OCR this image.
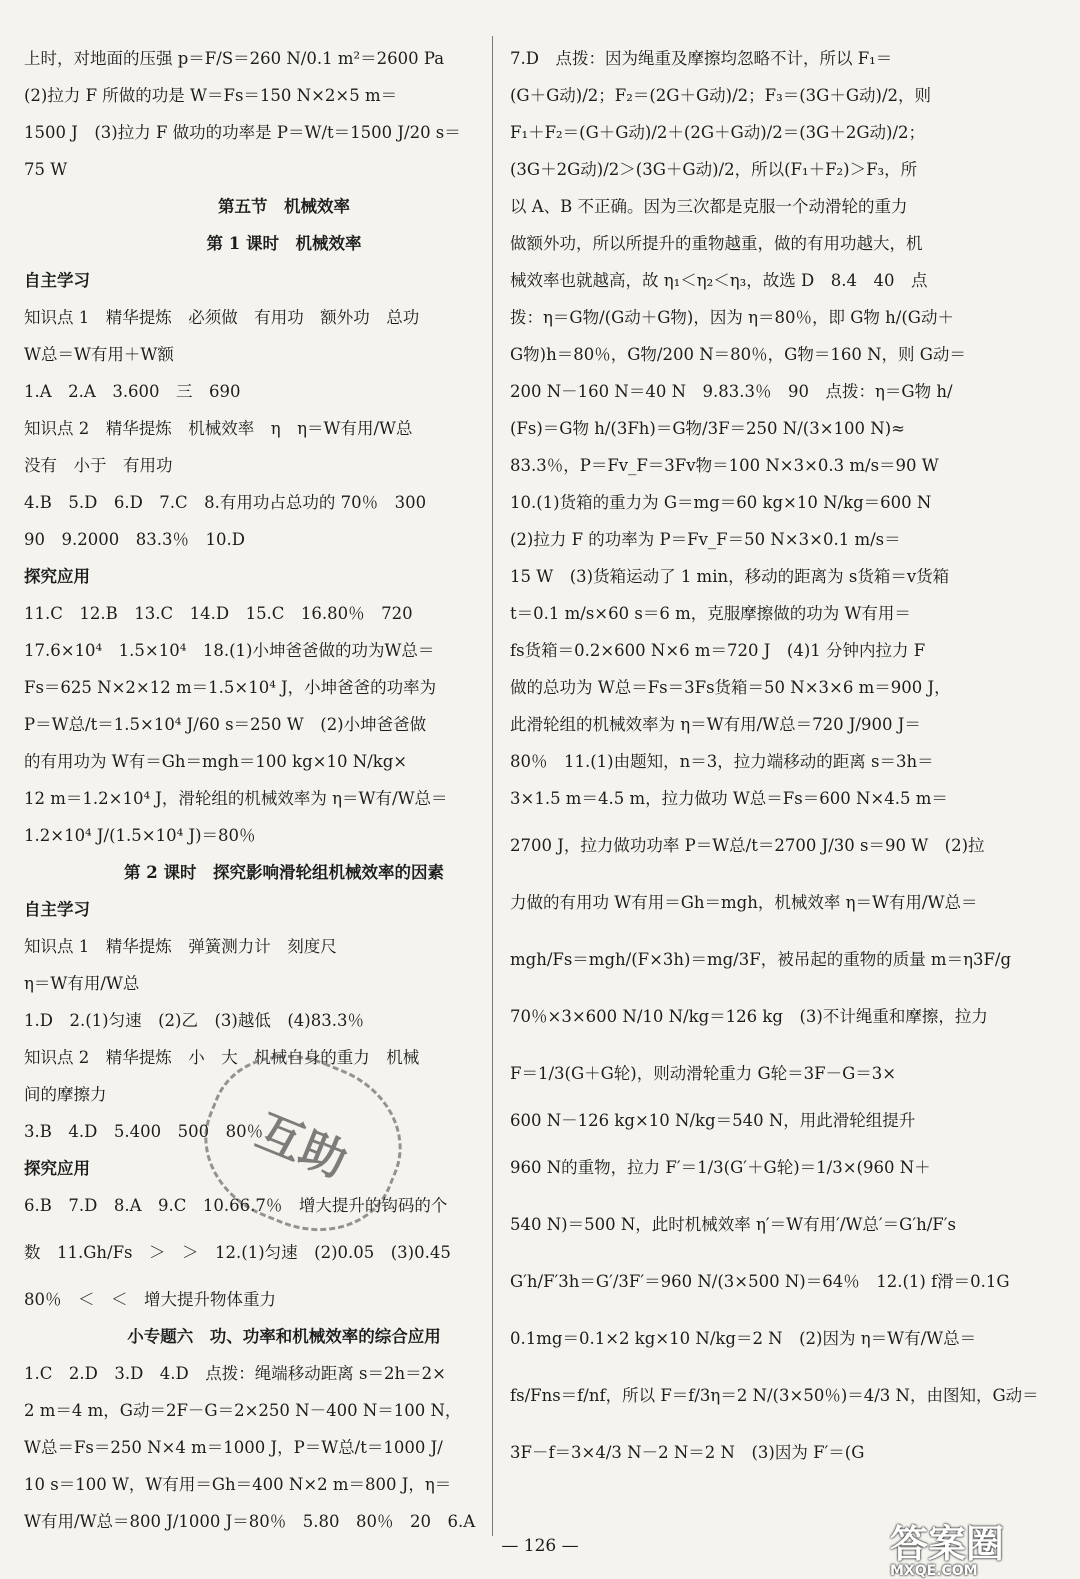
上时，对地面的压强 p＝F/S＝260 N/0.1 m²＝2600 Pa
(2)拉力 F 所做的功是 W＝Fs＝150 N×2×5 m＝
1500 J　(3)拉力 F 做功的功率是 P＝W/t＝1500 J/20 s＝
75 W
第五节　机械效率
第 1 课时　机械效率
自主学习
知识点 1　精华提炼　必须做　有用功　额外功　总功
W总＝W有用＋W额
1.A　2.A　3.600　三　690
知识点 2　精华提炼　机械效率　η　η＝W有用/W总
没有　小于　有用功
4.B　5.D　6.D　7.C　8.有用功占总功的 70％　300
90　9.2000　83.3％　10.D
探究应用
11.C　12.B　13.C　14.D　15.C　16.80％　720
17.6×10⁴　1.5×10⁴　18.(1)小坤爸爸做的功为W总＝
Fs＝625 N×2×12 m＝1.5×10⁴ J，小坤爸爸的功率为
P＝W总/t＝1.5×10⁴ J/60 s＝250 W　(2)小坤爸爸做
的有用功为 W有＝Gh＝mgh＝100 kg×10 N/kg×
12 m＝1.2×10⁴ J，滑轮组的机械效率为 η＝W有/W总＝
1.2×10⁴ J/(1.5×10⁴ J)＝80％
第 2 课时　探究影响滑轮组机械效率的因素
自主学习
知识点 1　精华提炼　弹簧测力计　刻度尺
η＝W有用/W总
1.D　2.(1)匀速　(2)乙　(3)越低　(4)83.3％
知识点 2　精华提炼　小　大　机械自身的重力　机械
间的摩擦力
3.B　4.D　5.400　500　80％
探究应用
6.B　7.D　8.A　9.C　10.66.7％　增大提升的钩码的个
数　11.Gh/Fs　＞　＞　12.(1)匀速　(2)0.05　(3)0.45
80％　＜　＜　增大提升物体重力
小专题六　功、功率和机械效率的综合应用
1.C　2.D　3.D　4.D　点拨：绳端移动距离 s＝2h＝2×
2 m＝4 m，G动＝2F－G＝2×250 N－400 N＝100 N，
W总＝Fs＝250 N×4 m＝1000 J，P＝W总/t＝1000 J/
10 s＝100 W，W有用＝Gh＝400 N×2 m＝800 J，η＝
W有用/W总＝800 J/1000 J＝80％　5.80　80％　20　6.A
7.D　点拨：因为绳重及摩擦均忽略不计，所以 F₁＝
(G＋G动)/2；F₂＝(2G＋G动)/2；F₃＝(3G＋G动)/2，则
F₁＋F₂＝(G＋G动)/2＋(2G＋G动)/2＝(3G＋2G动)/2；
(3G＋2G动)/2＞(3G＋G动)/2，所以(F₁＋F₂)＞F₃，所
以 A、B 不正确。因为三次都是克服一个动滑轮的重力
做额外功，所以所提升的重物越重，做的有用功越大，机
械效率也就越高，故 η₁＜η₂＜η₃，故选 D　8.4　40　点
拨：η＝G物/(G动＋G物)，因为 η＝80％，即 G物 h/(G动＋
G物)h＝80％，G物/200 N＝80％，G物＝160 N，则 G动＝
200 N－160 N＝40 N　9.83.3％　90　点拨：η＝G物 h/
(Fs)＝G物 h/(3Fh)＝G物/3F＝250 N/(3×100 N)≈
83.3％，P＝Fv_F＝3Fv物＝100 N×3×0.3 m/s＝90 W
10.(1)货箱的重力为 G＝mg＝60 kg×10 N/kg＝600 N
(2)拉力 F 的功率为 P＝Fv_F＝50 N×3×0.1 m/s＝
15 W　(3)货箱运动了 1 min，移动的距离为 s货箱＝v货箱
t＝0.1 m/s×60 s＝6 m，克服摩擦做的功为 W有用＝
fs货箱＝0.2×600 N×6 m＝720 J　(4)1 分钟内拉力 F
做的总功为 W总＝Fs＝3Fs货箱＝50 N×3×6 m＝900 J，
此滑轮组的机械效率为 η＝W有用/W总＝720 J/900 J＝
80％　11.(1)由题知，n＝3，拉力端移动的距离 s＝3h＝
3×1.5 m＝4.5 m，拉力做功 W总＝Fs＝600 N×4.5 m＝
2700 J，拉力做功功率 P＝W总/t＝2700 J/30 s＝90 W　(2)拉
力做的有用功 W有用＝Gh＝mgh，机械效率 η＝W有用/W总＝
mgh/Fs＝mgh/(F×3h)＝mg/3F，被吊起的重物的质量 m＝η3F/g
70％×3×600 N/10 N/kg＝126 kg　(3)不计绳重和摩擦，拉力
F＝1/3(G＋G轮)，则动滑轮重力 G轮＝3F－G＝3×
600 N－126 kg×10 N/kg＝540 N，用此滑轮组提升
960 N的重物，拉力 F′＝1/3(G′＋G轮)＝1/3×(960 N＋
540 N)＝500 N，此时机械效率 η′＝W有用′/W总′＝G′h/F′s
G′h/F′3h＝G′/3F′＝960 N/(3×500 N)＝64％　12.(1) f滑＝0.1G
0.1mg＝0.1×2 kg×10 N/kg＝2 N　(2)因为 η＝W有/W总＝
fs/Fns＝f/nf，所以 F＝f/3η＝2 N/(3×50％)＝4/3 N，由图知，G动＝
3F－f＝3×4/3 N－2 N＝2 N　(3)因为 F′＝(G
互助
— 126 —	答案圈
MXQE.COM
